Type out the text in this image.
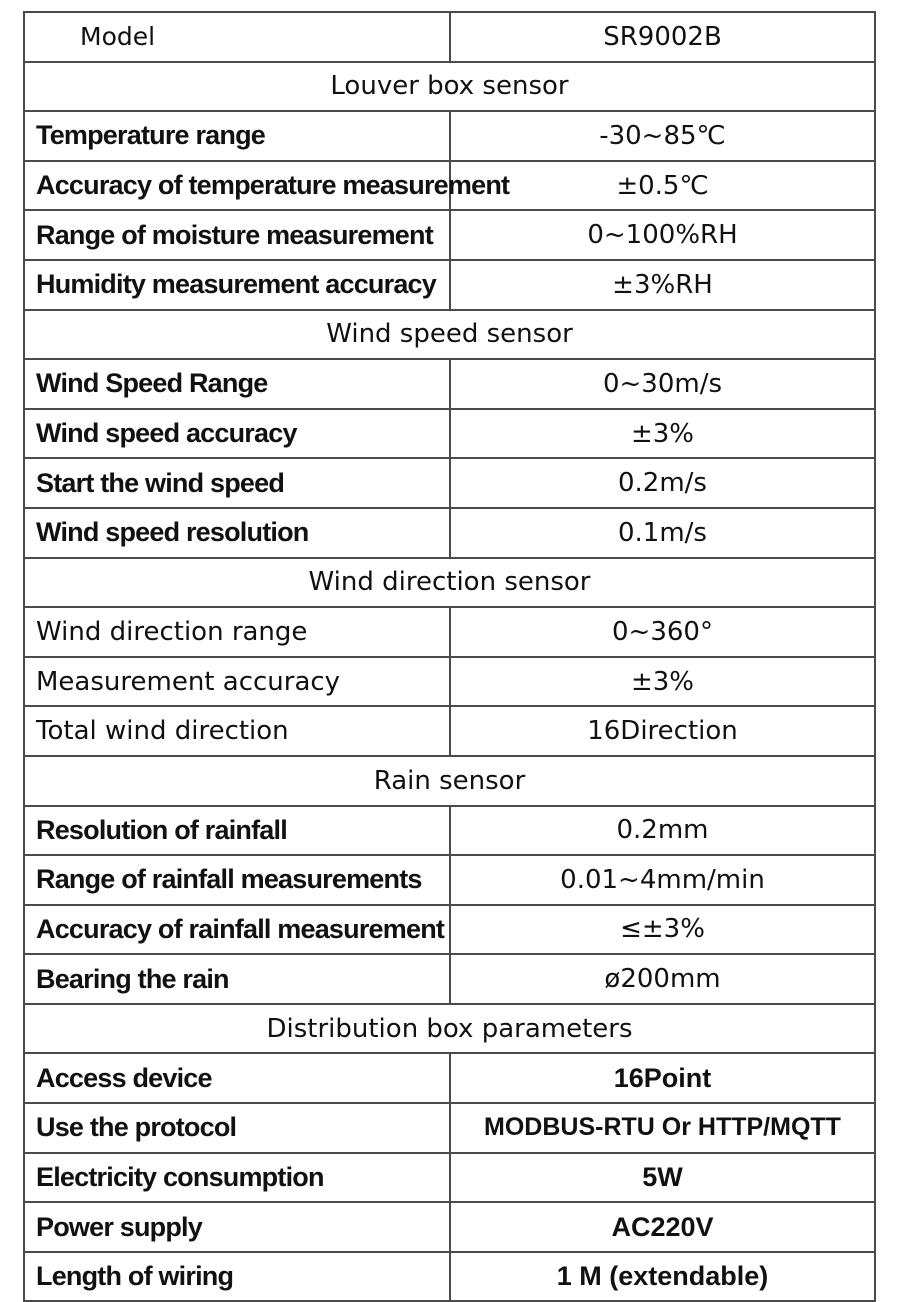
Model	SR9002B
Louver box sensor	
Temperature range	-30~85℃
Accuracy of temperature measurement	±0.5℃
Range of moisture measurement	0~100%RH
Humidity measurement accuracy	±3%RH
Wind speed sensor	
Wind Speed Range	0~30m/s
Wind speed accuracy	±3%
Start the wind speed	0.2m/s
Wind speed resolution	0.1m/s
Wind direction sensor	
Wind direction range	0~360°
Measurement accuracy	±3%
Total wind direction	16Direction
Rain sensor	
Resolution of rainfall	0.2mm
Range of rainfall measurements	0.01~4mm/min
Accuracy of rainfall measurement	≤±3%
Bearing the rain	ø200mm
Distribution box parameters	
Access device	16Point
Use the protocol	MODBUS-RTU Or HTTP/MQTT
Electricity consumption	5W
Power supply	AC220V
Length of wiring	1 M (extendable)
